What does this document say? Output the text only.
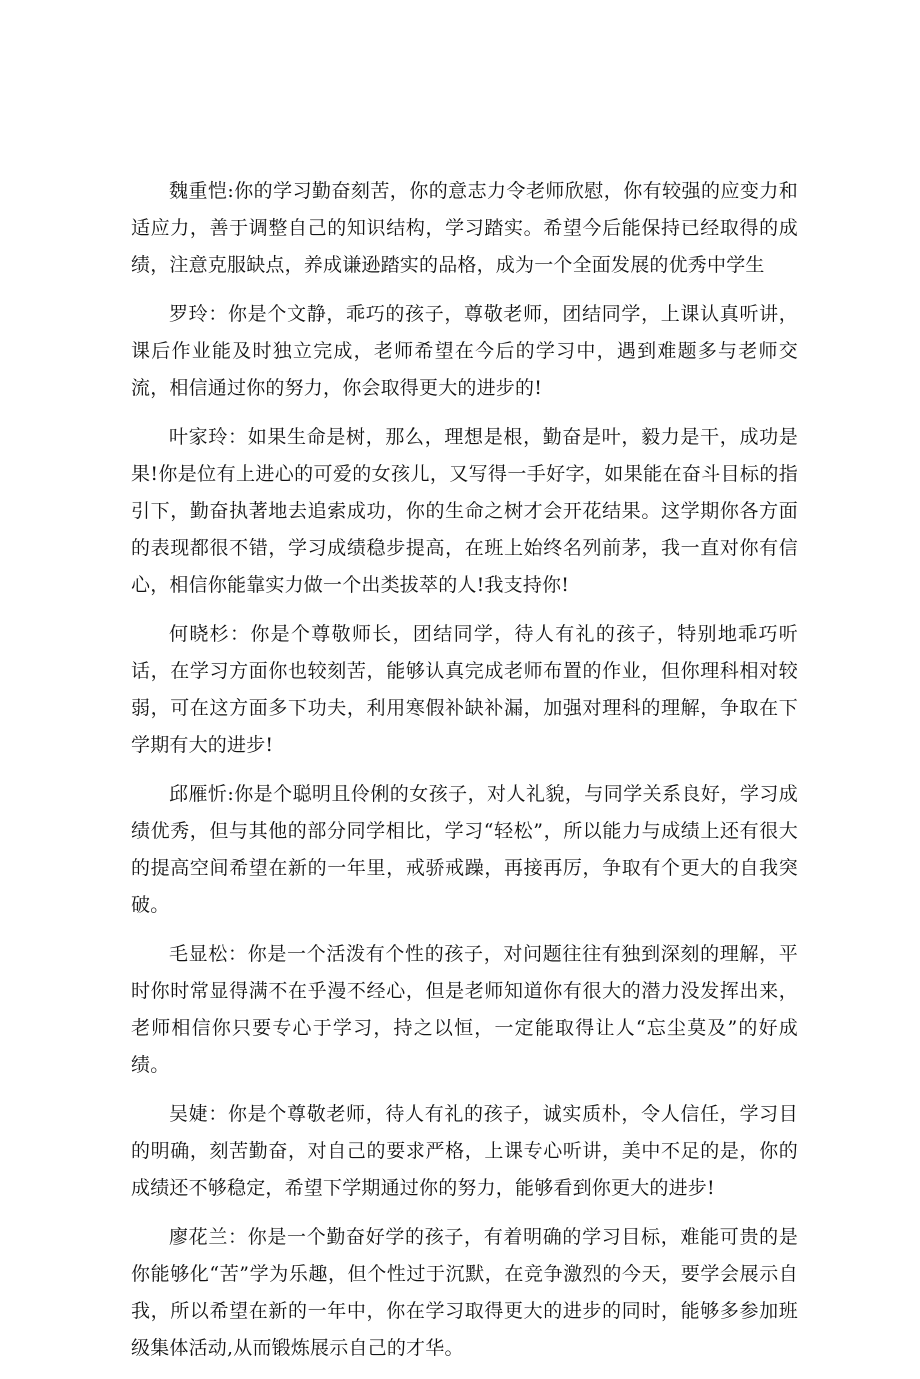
魏重恺:你的学习勤奋刻苦，你的意志力令老师欣慰，你有较强的应变力和适应力，善于调整自己的知识结构，学习踏实。希望今后能保持已经取得的成绩，注意克服缺点，养成谦逊踏实的品格，成为一个全面发展的优秀中学生

罗玲：你是个文静，乖巧的孩子，尊敬老师，团结同学，上课认真听讲，课后作业能及时独立完成，老师希望在今后的学习中，遇到难题多与老师交流，相信通过你的努力，你会取得更大的进步的!

叶家玲：如果生命是树，那么，理想是根，勤奋是叶，毅力是干，成功是果!你是位有上进心的可爱的女孩儿，又写得一手好字，如果能在奋斗目标的指引下，勤奋执著地去追索成功，你的生命之树才会开花结果。这学期你各方面的表现都很不错，学习成绩稳步提高，在班上始终名列前茅，我一直对你有信心，相信你能靠实力做一个出类拔萃的人!我支持你!

何晓杉：你是个尊敬师长，团结同学，待人有礼的孩子，特别地乖巧听话，在学习方面你也较刻苦，能够认真完成老师布置的作业，但你理科相对较弱，可在这方面多下功夫，利用寒假补缺补漏，加强对理科的理解，争取在下学期有大的进步!

邱雁忻:你是个聪明且伶俐的女孩子，对人礼貌，与同学关系良好，学习成绩优秀，但与其他的部分同学相比，学习“轻松”，所以能力与成绩上还有很大的提高空间希望在新的一年里，戒骄戒躁，再接再厉，争取有个更大的自我突破。

毛显松：你是一个活泼有个性的孩子，对问题往往有独到深刻的理解，平时你时常显得满不在乎漫不经心，但是老师知道你有很大的潜力没发挥出来，老师相信你只要专心于学习，持之以恒，一定能取得让人“忘尘莫及”的好成绩。

吴婕：你是个尊敬老师，待人有礼的孩子，诚实质朴，令人信任，学习目的明确，刻苦勤奋，对自己的要求严格，上课专心听讲，美中不足的是，你的成绩还不够稳定，希望下学期通过你的努力，能够看到你更大的进步!

廖花兰：你是一个勤奋好学的孩子，有着明确的学习目标，难能可贵的是你能够化“苦”学为乐趣，但个性过于沉默，在竞争激烈的今天，要学会展示自我，所以希望在新的一年中，你在学习取得更大的进步的同时，能够多参加班级集体活动,从而锻炼展示自己的才华。
